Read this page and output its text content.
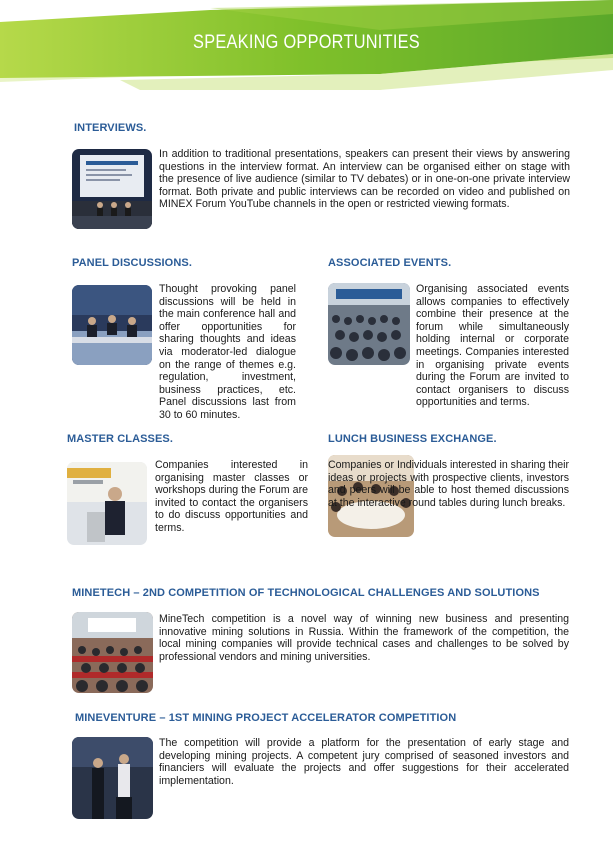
SPEAKING OPPORTUNITIES
INTERVIEWS.
In addition to traditional presentations, speakers can present their views by answering questions in the interview format. An interview can be organised either on stage with the presence of live audience (similar to TV debates) or in one-on-one private interview format. Both private and public interviews can be recorded on video and published on MINEX Forum YouTube channels in the open or restricted viewing formats.
PANEL DISCUSSIONS.
Thought provoking panel discussions will be held in the main conference hall and offer opportunities for sharing thoughts and ideas via moderator-led dialogue on the range of themes e.g. regulation, investment, business practices, etc. Panel discussions last from 30 to 60 minutes.
ASSOCIATED EVENTS.
Organising associated events allows companies to effectively combine their presence at the forum while simultaneously holding internal or corporate meetings. Companies interested in organising private events during the Forum are invited to contact organisers to discuss opportunities and terms.
MASTER CLASSES.
Companies interested in organising master classes or workshops during the Forum are invited to contact the organisers to do discuss opportunities and terms.
LUNCH BUSINESS EXCHANGE.
Companies or Individuals interested in sharing their ideas or projects with prospective clients, investors and peers will be able to host themed discussions at the interactive round tables during lunch breaks.
MINETECH – 2ND COMPETITION OF TECHNOLOGICAL CHALLENGES AND SOLUTIONS
MineTech competition is a novel way of winning new business and presenting innovative mining solutions in Russia. Within the framework of the competition, the local mining companies will provide technical cases and challenges to be solved by professional vendors and mining universities.
MINEVENTURE – 1ST MINING PROJECT ACCELERATOR COMPETITION
The competition will provide a platform for the presentation of early stage and developing mining projects. A competent jury comprised of seasoned investors and financiers will evaluate the projects and offer suggestions for their accelerated implementation.
